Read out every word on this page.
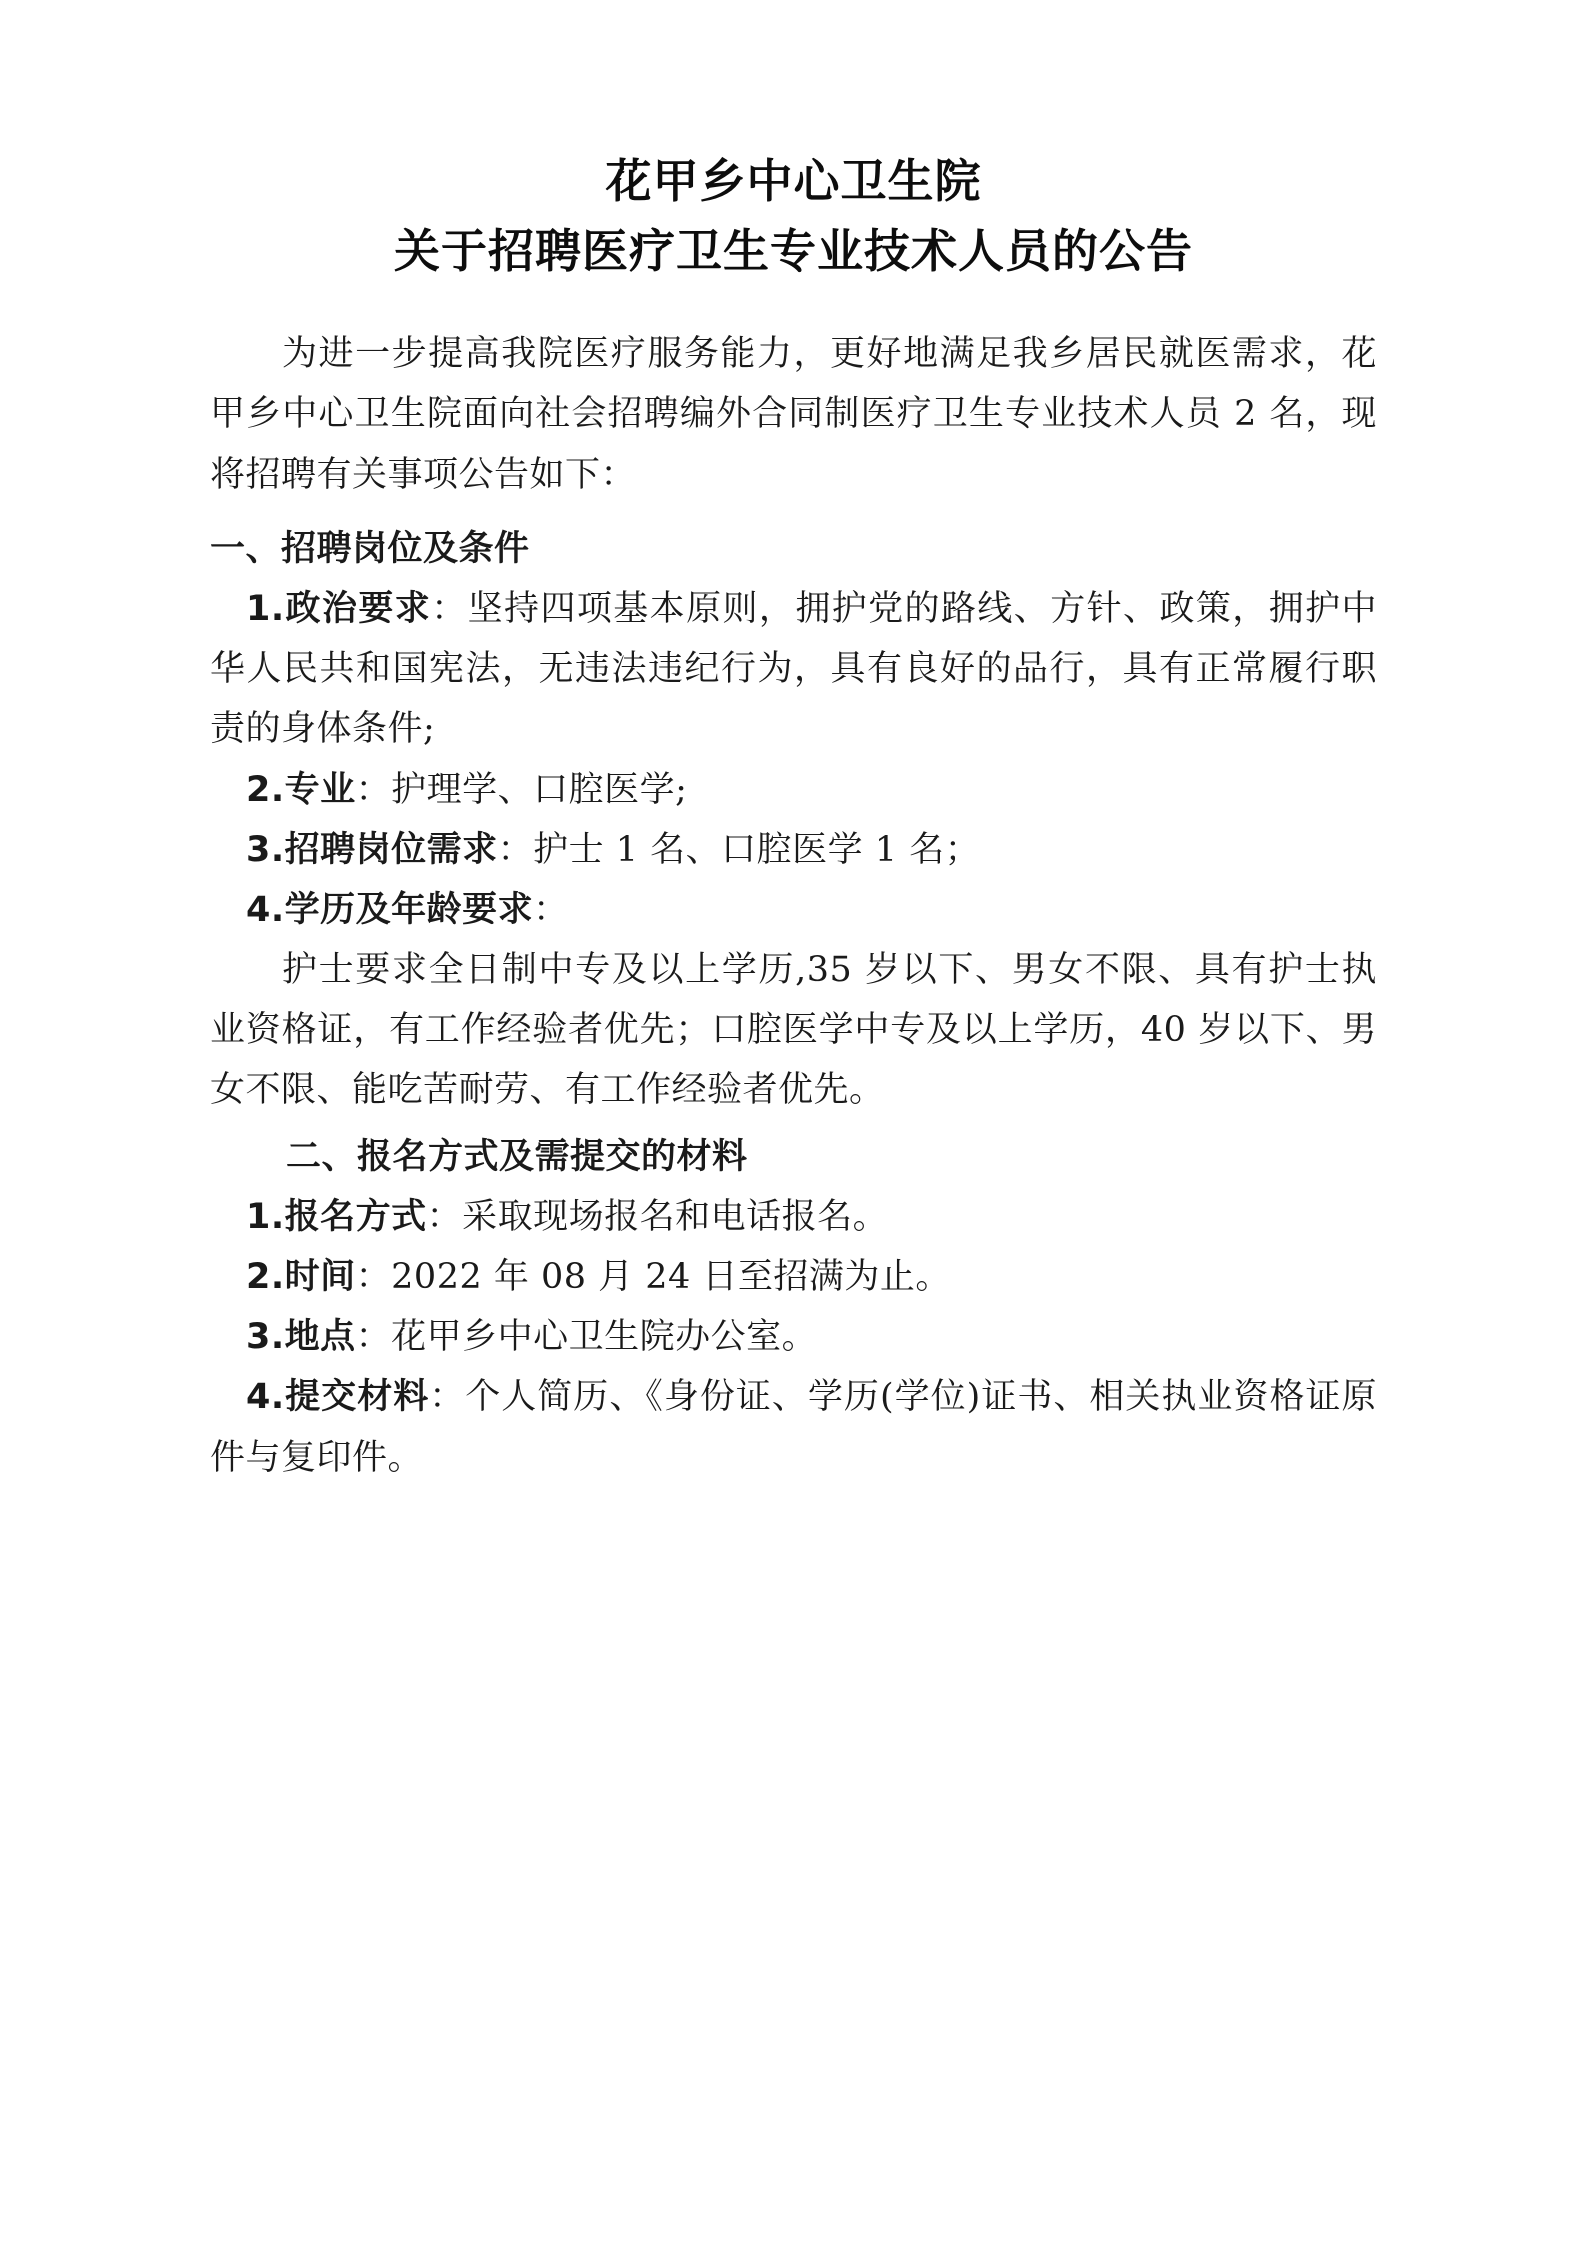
花甲乡中心卫生院
关于招聘医疗卫生专业技术人员的公告

为进一步提高我院医疗服务能力，更好地满足我乡居民就医需求，花甲乡中心卫生院面向社会招聘编外合同制医疗卫生专业技术人员 2 名，现将招聘有关事项公告如下：

一、招聘岗位及条件

1.政治要求：坚持四项基本原则，拥护党的路线、方针、政策，拥护中华人民共和国宪法，无违法违纪行为，具有良好的品行，具有正常履行职责的身体条件;

2.专业：护理学、口腔医学;

3.招聘岗位需求：护士 1 名、口腔医学 1 名；

4.学历及年龄要求：

护士要求全日制中专及以上学历,35 岁以下、男女不限、具有护士执业资格证，有工作经验者优先；口腔医学中专及以上学历，40 岁以下、男女不限、能吃苦耐劳、有工作经验者优先。

二、报名方式及需提交的材料

1.报名方式：采取现场报名和电话报名。

2.时间：2022 年 08 月 24 日至招满为止。

3.地点：花甲乡中心卫生院办公室。

4.提交材料：个人简历、《身份证、学历(学位)证书、相关执业资格证原件与复印件。
